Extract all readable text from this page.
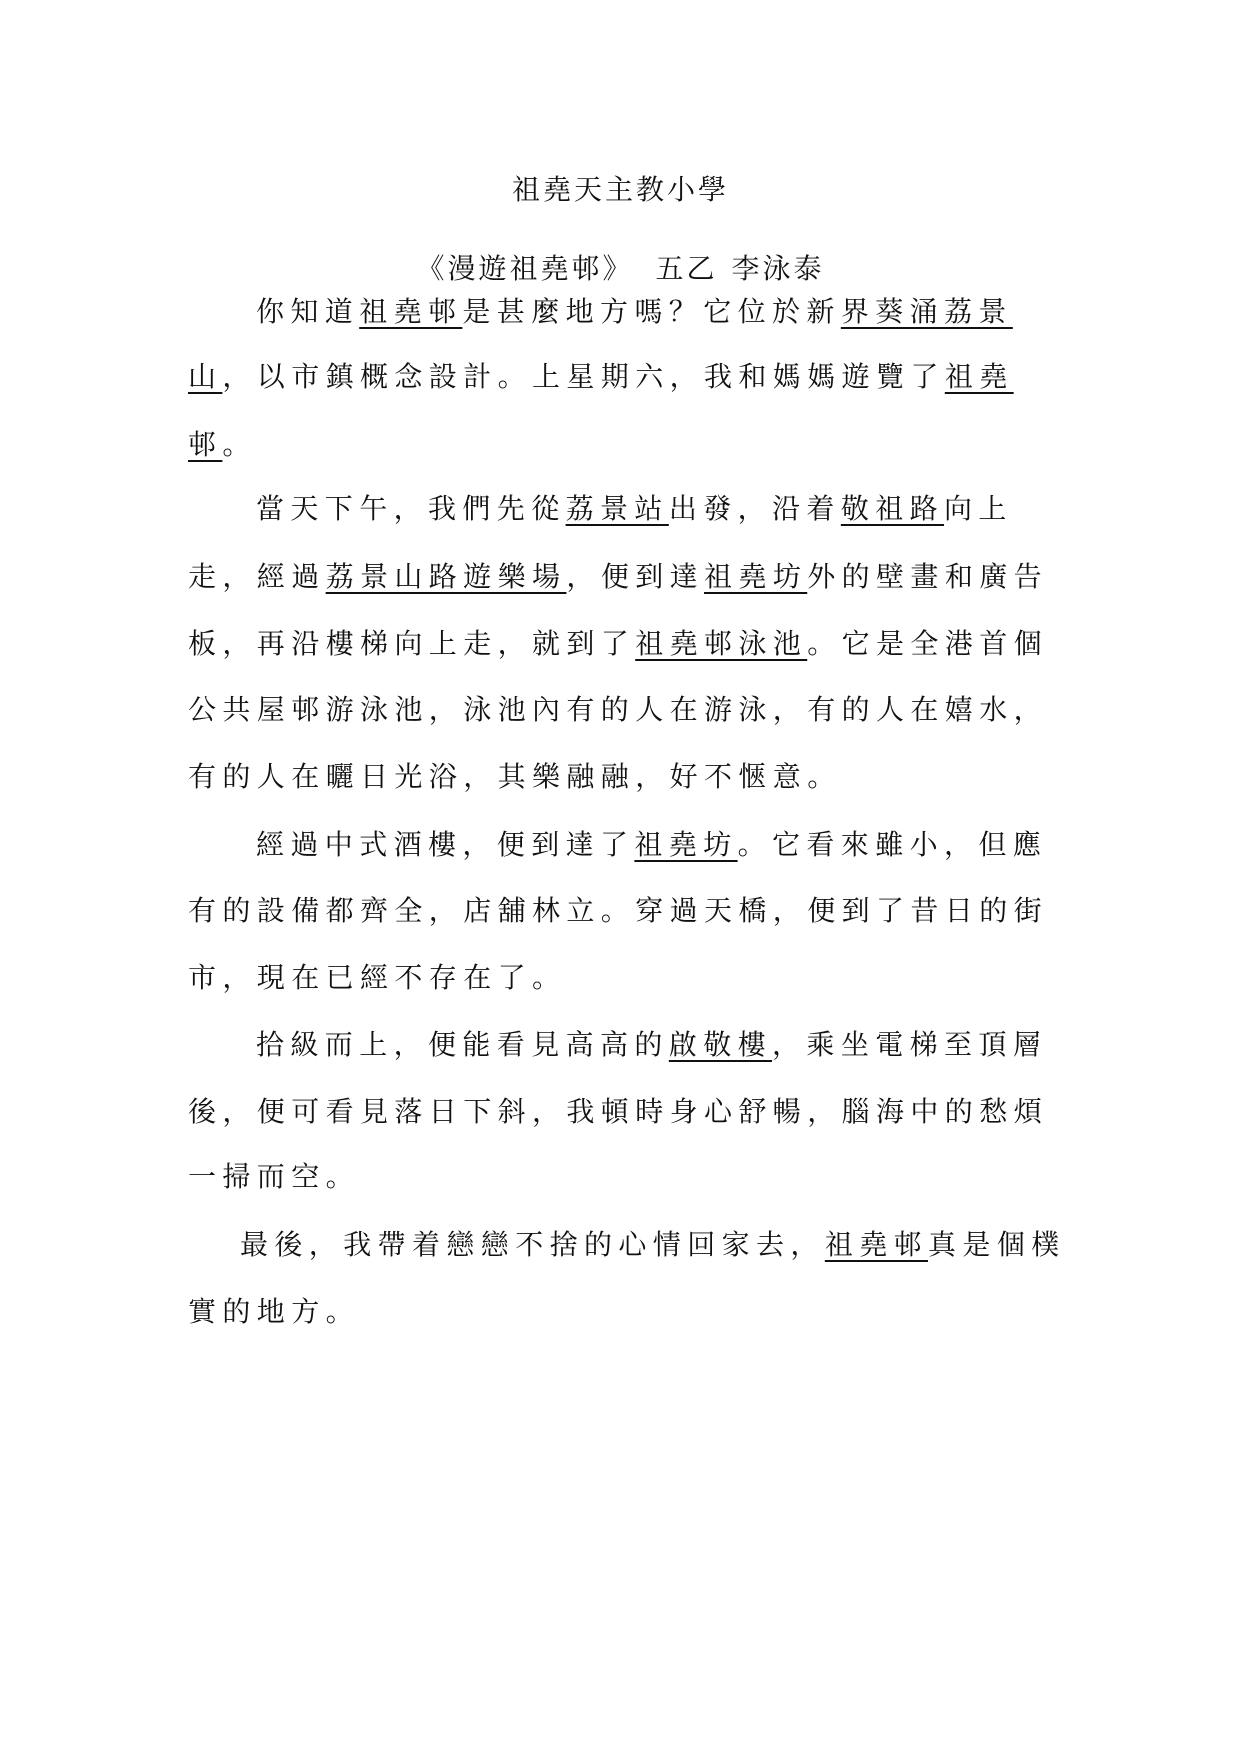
祖堯天主教小學
《漫遊祖堯邨》 五乙 李泳泰
你知道祖堯邨是甚麼地方嗎？它位於新界葵涌荔景
山，以市鎮概念設計。上星期六，我和媽媽遊覽了祖堯
邨。
當天下午，我們先從荔景站出發，沿着敬祖路向上
走，經過荔景山路遊樂場，便到達祖堯坊外的壁畫和廣告
板，再沿樓梯向上走，就到了祖堯邨泳池。它是全港首個
公共屋邨游泳池，泳池內有的人在游泳，有的人在嬉水，
有的人在曬日光浴，其樂融融，好不愜意。
經過中式酒樓，便到達了祖堯坊。它看來雖小，但應
有的設備都齊全，店舖林立。穿過天橋，便到了昔日的街
市，現在已經不存在了。
拾級而上，便能看見高高的啟敬樓，乘坐電梯至頂層
後，便可看見落日下斜，我頓時身心舒暢，腦海中的愁煩
一掃而空。
最後，我帶着戀戀不捨的心情回家去，祖堯邨真是個樸
實的地方。
